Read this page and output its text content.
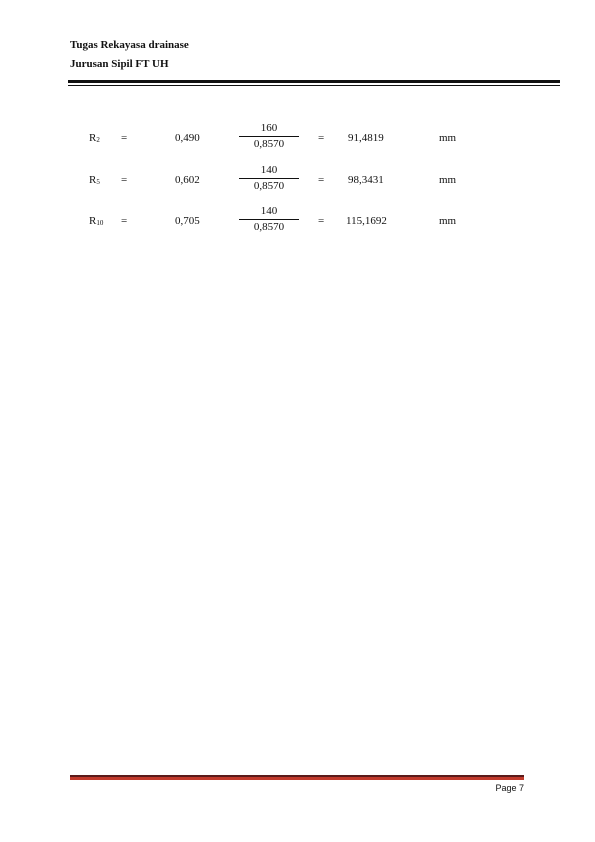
Tugas Rekayasa drainase
Jurusan Sipil FT UH
$R_2$ =	0,490
160
0,8570	= 91,4819	mm
$R_5$ =	0,602
140
0,8570	= 98,3431	mm
$R_{10}$ =	0,705
140
0,8570	= 115,1692	mm
Page 7
